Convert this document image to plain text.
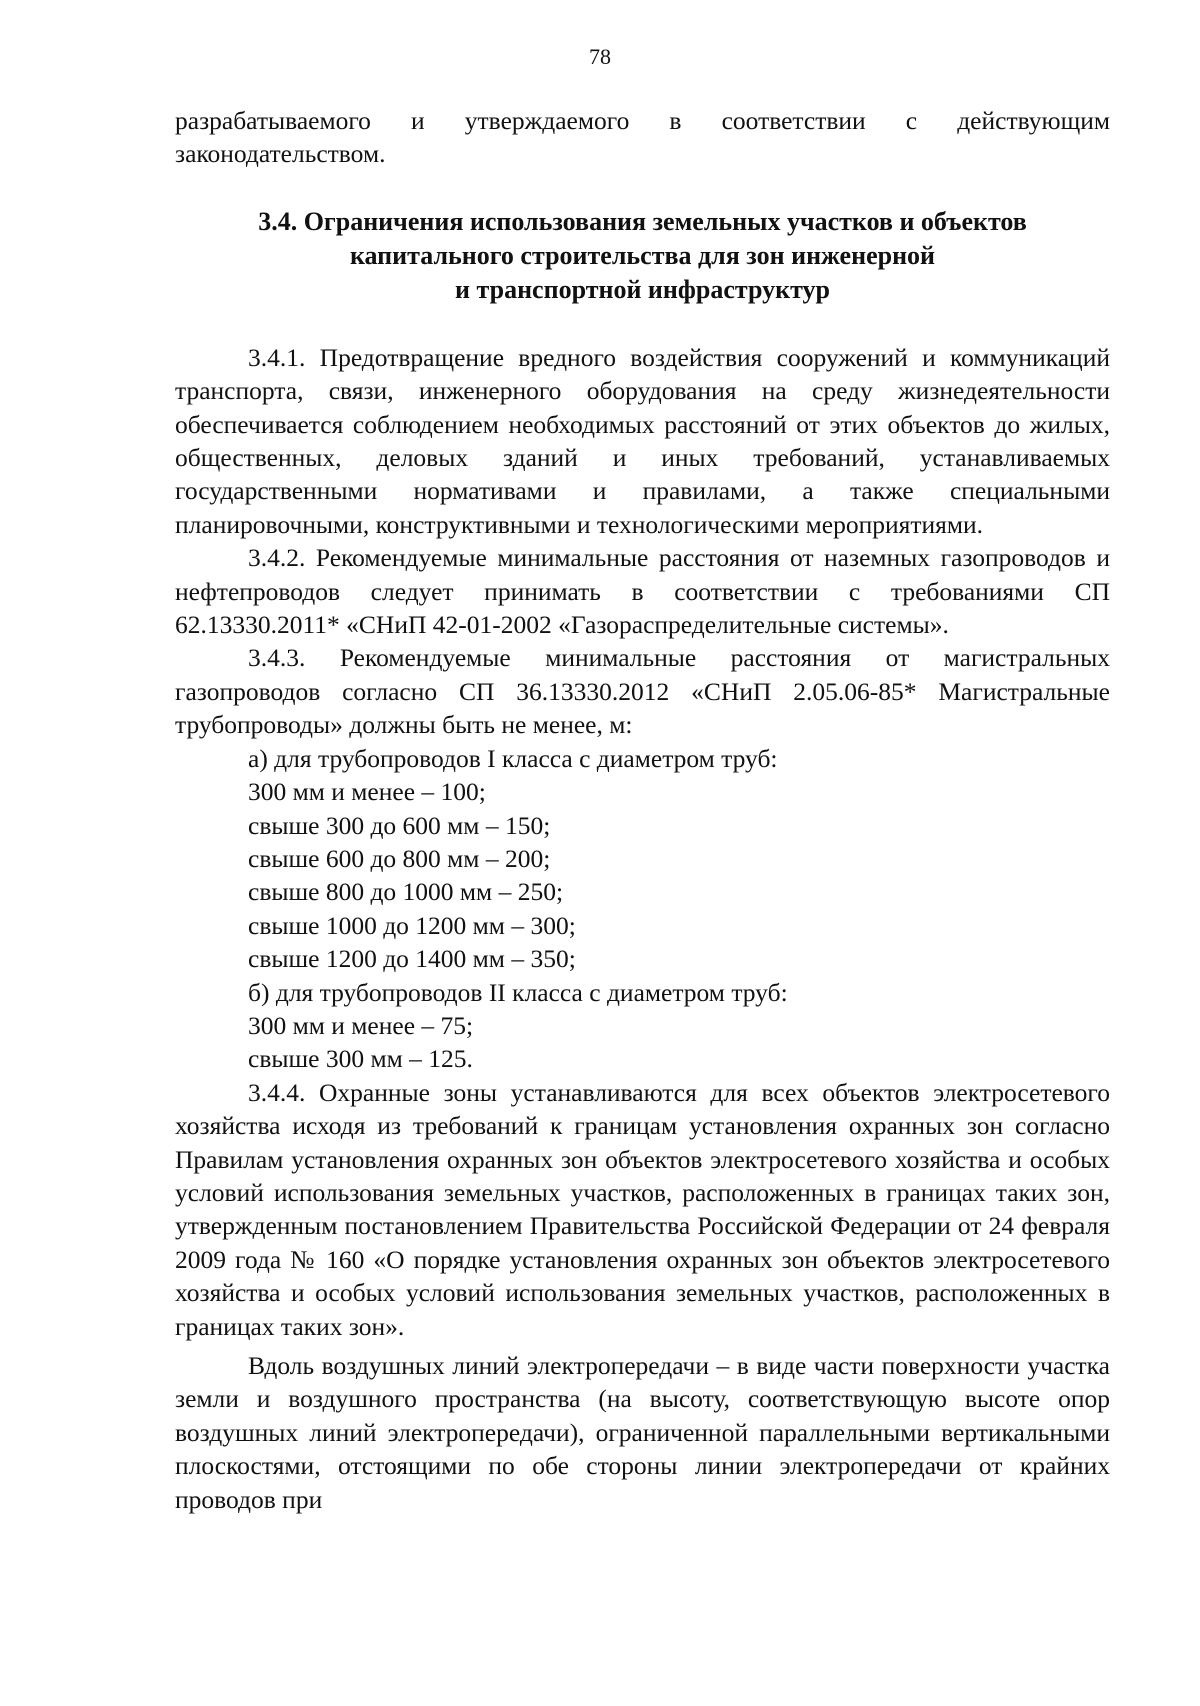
78

разрабатываемого и утверждаемого в соответствии с действующим законодательством.

3.4. Ограничения использования земельных участков и объектов
капитального строительства для зон инженерной
и транспортной инфраструктур

3.4.1. Предотвращение вредного воздействия сооружений и коммуникаций транспорта, связи, инженерного оборудования на среду жизнедеятельности обеспечивается соблюдением необходимых расстояний от этих объектов до жилых, общественных, деловых зданий и иных требований, устанавливаемых государственными нормативами и правилами, а также специальными планировочными, конструктивными и технологическими мероприятиями.

3.4.2. Рекомендуемые минимальные расстояния от наземных газопроводов и нефтепроводов следует принимать в соответствии с требованиями СП 62.13330.2011* «СНиП 42-01-2002 «Газораспределительные системы».

3.4.3. Рекомендуемые минимальные расстояния от магистральных газопроводов согласно СП 36.13330.2012 «СНиП 2.05.06-85* Магистральные трубопроводы» должны быть не менее, м:

а) для трубопроводов I класса с диаметром труб:

300 мм и менее – 100;

свыше 300 до 600 мм – 150;

свыше 600 до 800 мм – 200;

свыше 800 до 1000 мм – 250;

свыше 1000 до 1200 мм – 300;

свыше 1200 до 1400 мм – 350;

б) для трубопроводов II класса с диаметром труб:

300 мм и менее – 75;

свыше 300 мм – 125.

3.4.4. Охранные зоны устанавливаются для всех объектов электросетевого хозяйства исходя из требований к границам установления охранных зон согласно Правилам установления охранных зон объектов электросетевого хозяйства и особых условий использования земельных участков, расположенных в границах таких зон, утвержденным постановлением Правительства Российской Федерации от 24 февраля 2009 года № 160 «О порядке установления охранных зон объектов электросетевого хозяйства и особых условий использования земельных участков, расположенных в границах таких зон».

Вдоль воздушных линий электропередачи – в виде части поверхности участка земли и воздушного пространства (на высоту, соответствующую высоте опор воздушных линий электропередачи), ограниченной параллельными вертикальными плоскостями, отстоящими по обе стороны линии электропередачи от крайних проводов при
